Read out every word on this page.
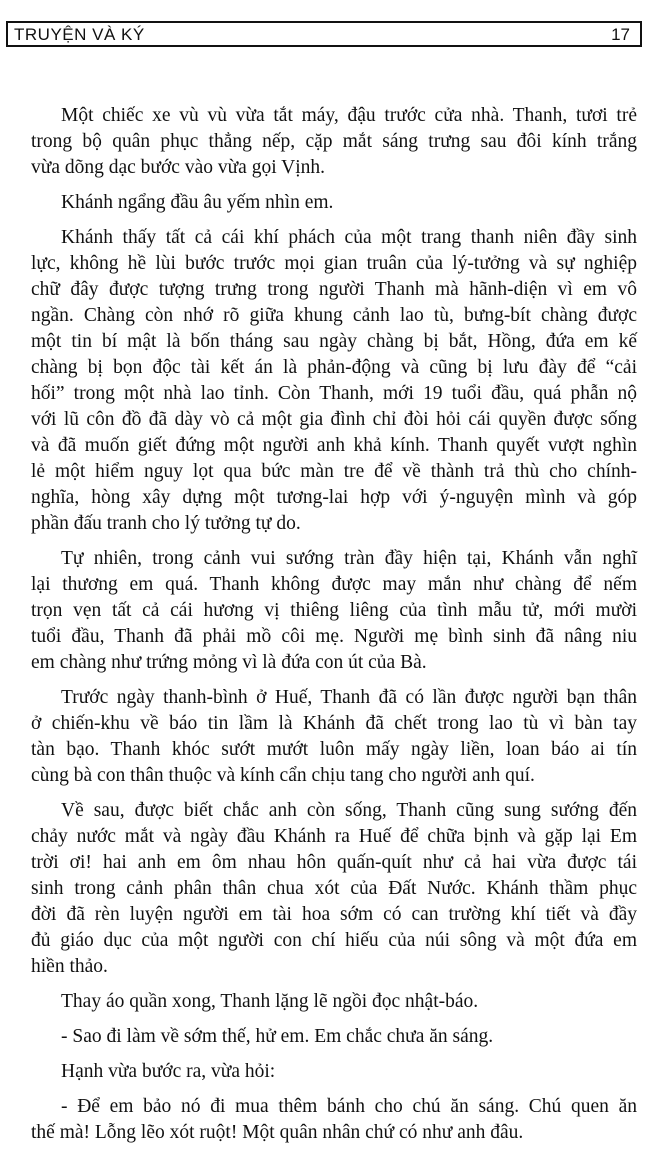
TRUYỆN VÀ KÝ	17
Một chiếc xe vù vù vừa tắt máy, đậu trước cửa nhà. Thanh, tươi trẻ
trong bộ quân phục thẳng nếp, cặp mắt sáng trưng sau đôi kính trắng
vừa dõng dạc bước vào vừa gọi Vịnh.
Khánh ngẩng đầu âu yếm nhìn em.
Khánh thấy tất cả cái khí phách của một trang thanh niên đầy sinh
lực, không hề lùi bước trước mọi gian truân của lý-tưởng và sự nghiệp
chữ đây được tượng trưng trong người Thanh mà hãnh-diện vì em vô
ngần. Chàng còn nhớ rõ giữa khung cảnh lao tù, bưng-bít chàng được
một tin bí mật là bốn tháng sau ngày chàng bị bắt, Hồng, đứa em kế
chàng bị bọn độc tài kết án là phản-động và cũng bị lưu đày để “cải
hối” trong một nhà lao tỉnh. Còn Thanh, mới 19 tuổi đầu, quá phẫn nộ
với lũ côn đồ đã dày vò cả một gia đình chỉ đòi hỏi cái quyền được sống
và đã muốn giết đứng một người anh khả kính. Thanh quyết vượt nghìn
lẻ một hiểm nguy lọt qua bức màn tre để về thành trả thù cho chính-
nghĩa, hòng xây dựng một tương-lai hợp với ý-nguyện mình và góp
phần đấu tranh cho lý tưởng tự do.
Tự nhiên, trong cảnh vui sướng tràn đầy hiện tại, Khánh vẫn nghĩ
lại thương em quá. Thanh không được may mắn như chàng để nếm
trọn vẹn tất cả cái hương vị thiêng liêng của tình mẫu tử, mới mười
tuổi đầu, Thanh đã phải mồ côi mẹ. Người mẹ bình sinh đã nâng niu
em chàng như trứng mỏng vì là đứa con út của Bà.
Trước ngày thanh-bình ở Huế, Thanh đã có lần được người bạn thân
ở chiến-khu về báo tin lầm là Khánh đã chết trong lao tù vì bàn tay
tàn bạo. Thanh khóc sướt mướt luôn mấy ngày liền, loan báo ai tín
cùng bà con thân thuộc và kính cẩn chịu tang cho người anh quí.
Về sau, được biết chắc anh còn sống, Thanh cũng sung sướng đến
chảy nước mắt và ngày đầu Khánh ra Huế để chữa bịnh và gặp lại Em
trời ơi! hai anh em ôm nhau hôn quấn-quít như cả hai vừa được tái
sinh trong cảnh phân thân chua xót của Đất Nước. Khánh thầm phục
đời đã rèn luyện người em tài hoa sớm có can trường khí tiết và đầy
đủ giáo dục của một người con chí hiếu của núi sông và một đứa em
hiền thảo.
Thay áo quần xong, Thanh lặng lẽ ngồi đọc nhật-báo.
- Sao đi làm về sớm thế, hử em. Em chắc chưa ăn sáng.
Hạnh vừa bước ra, vừa hỏi:
- Để em bảo nó đi mua thêm bánh cho chú ăn sáng. Chú quen ăn
thế mà! Lỗng lẽo xót ruột! Một quân nhân chứ có như anh đâu.
